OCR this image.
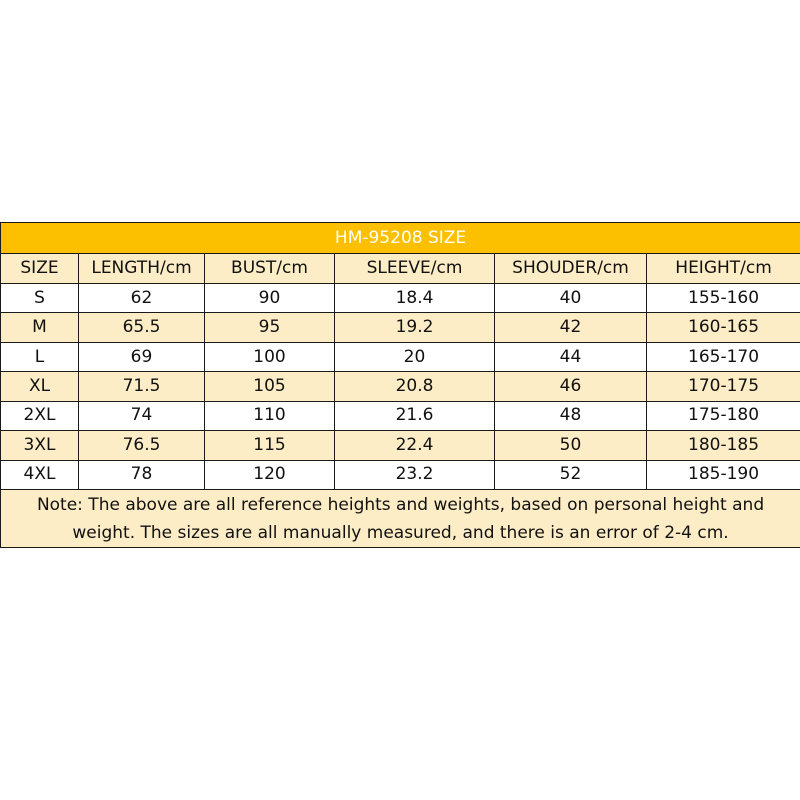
HM-95208 SIZE					
SIZE	LENGTH/cm	BUST/cm	SLEEVE/cm	SHOUDER/cm	HEIGHT/cm
S	62	90	18.4	40	155-160
M	65.5	95	19.2	42	160-165
L	69	100	20	44	165-170
XL	71.5	105	20.8	46	170-175
2XL	74	110	21.6	48	175-180
3XL	76.5	115	22.4	50	180-185
4XL	78	120	23.2	52	185-190
Note: The above are all reference heights and weights, based on personal height and weight. The sizes are all manually measured, and there is an error of 2-4 cm.					
